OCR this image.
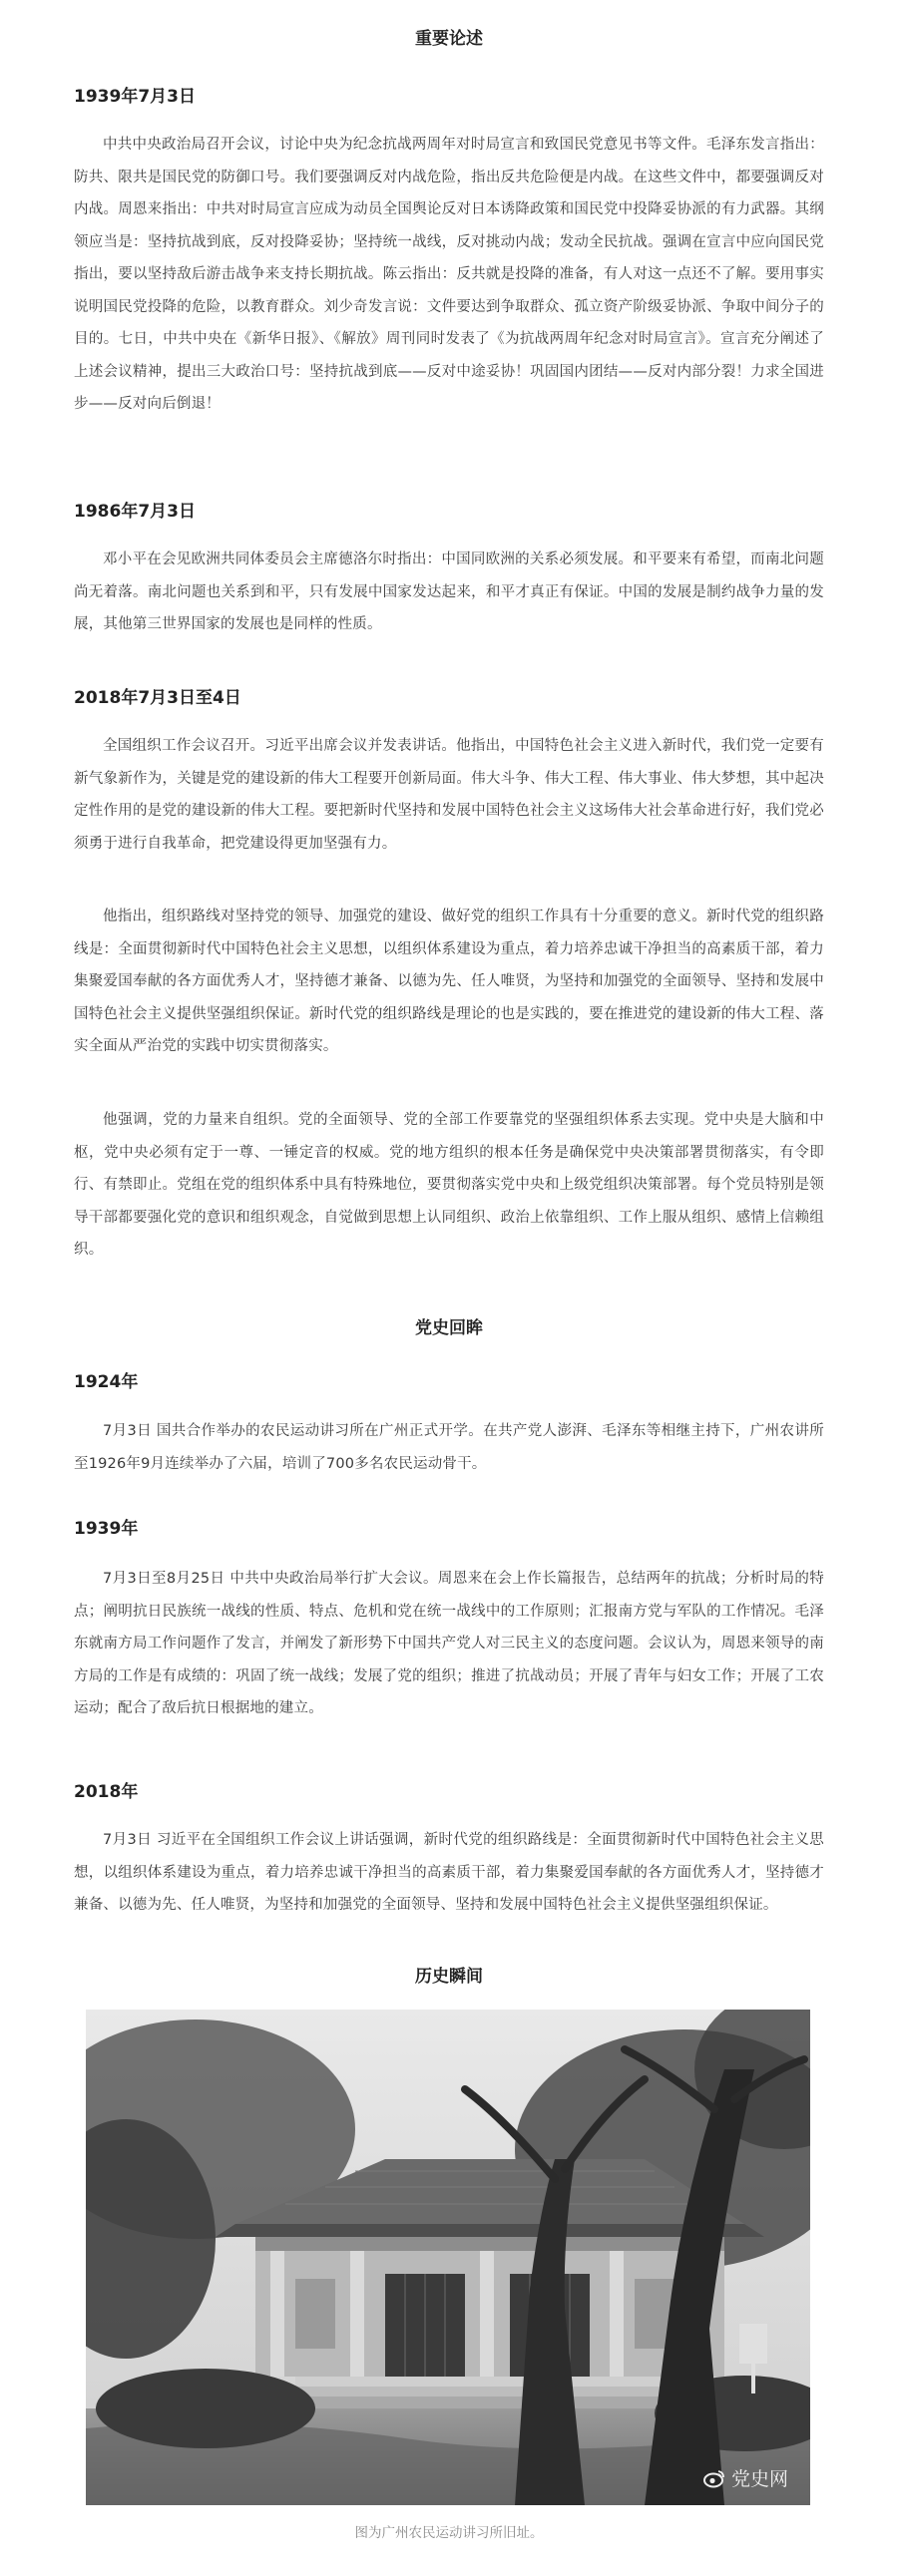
重要论述
1939年7月3日

中共中央政治局召开会议，讨论中央为纪念抗战两周年对时局宣言和致国民党意见书等文件。毛泽东发言指出：防共、限共是国民党的防御口号。我们要强调反对内战危险，指出反共危险便是内战。在这些文件中，都要强调反对内战。周恩来指出：中共对时局宣言应成为动员全国舆论反对日本诱降政策和国民党中投降妥协派的有力武器。其纲领应当是：坚持抗战到底，反对投降妥协；坚持统一战线，反对挑动内战；发动全民抗战。强调在宣言中应向国民党指出，要以坚持敌后游击战争来支持长期抗战。陈云指出：反共就是投降的准备，有人对这一点还不了解。要用事实说明国民党投降的危险，以教育群众。刘少奇发言说：文件要达到争取群众、孤立资产阶级妥协派、争取中间分子的目的。七日，中共中央在《新华日报》、《解放》周刊同时发表了《为抗战两周年纪念对时局宣言》。宣言充分阐述了上述会议精神，提出三大政治口号：坚持抗战到底——反对中途妥协！巩固国内团结——反对内部分裂！力求全国进步——反对向后倒退！

1986年7月3日

邓小平在会见欧洲共同体委员会主席德洛尔时指出：中国同欧洲的关系必须发展。和平要来有希望，而南北问题尚无着落。南北问题也关系到和平，只有发展中国家发达起来，和平才真正有保证。中国的发展是制约战争力量的发展，其他第三世界国家的发展也是同样的性质。

2018年7月3日至4日

全国组织工作会议召开。习近平出席会议并发表讲话。他指出，中国特色社会主义进入新时代，我们党一定要有新气象新作为，关键是党的建设新的伟大工程要开创新局面。伟大斗争、伟大工程、伟大事业、伟大梦想，其中起决定性作用的是党的建设新的伟大工程。要把新时代坚持和发展中国特色社会主义这场伟大社会革命进行好，我们党必须勇于进行自我革命，把党建设得更加坚强有力。

他指出，组织路线对坚持党的领导、加强党的建设、做好党的组织工作具有十分重要的意义。新时代党的组织路线是：全面贯彻新时代中国特色社会主义思想，以组织体系建设为重点，着力培养忠诚干净担当的高素质干部，着力集聚爱国奉献的各方面优秀人才，坚持德才兼备、以德为先、任人唯贤，为坚持和加强党的全面领导、坚持和发展中国特色社会主义提供坚强组织保证。新时代党的组织路线是理论的也是实践的，要在推进党的建设新的伟大工程、落实全面从严治党的实践中切实贯彻落实。

他强调，党的力量来自组织。党的全面领导、党的全部工作要靠党的坚强组织体系去实现。党中央是大脑和中枢，党中央必须有定于一尊、一锤定音的权威。党的地方组织的根本任务是确保党中央决策部署贯彻落实，有令即行、有禁即止。党组在党的组织体系中具有特殊地位，要贯彻落实党中央和上级党组织决策部署。每个党员特别是领导干部都要强化党的意识和组织观念，自觉做到思想上认同组织、政治上依靠组织、工作上服从组织、感情上信赖组织。

党史回眸
1924年

7月3日 国共合作举办的农民运动讲习所在广州正式开学。在共产党人澎湃、毛泽东等相继主持下，广州农讲所至1926年9月连续举办了六届，培训了700多名农民运动骨干。

1939年

7月3日至8月25日 中共中央政治局举行扩大会议。周恩来在会上作长篇报告，总结两年的抗战；分析时局的特点；阐明抗日民族统一战线的性质、特点、危机和党在统一战线中的工作原则；汇报南方党与军队的工作情况。毛泽东就南方局工作问题作了发言，并阐发了新形势下中国共产党人对三民主义的态度问题。会议认为，周恩来领导的南方局的工作是有成绩的：巩固了统一战线；发展了党的组织；推进了抗战动员；开展了青年与妇女工作；开展了工农运动；配合了敌后抗日根据地的建立。

2018年

7月3日 习近平在全国组织工作会议上讲话强调，新时代党的组织路线是：全面贯彻新时代中国特色社会主义思想，以组织体系建设为重点，着力培养忠诚干净担当的高素质干部，着力集聚爱国奉献的各方面优秀人才，坚持德才兼备、以德为先、任人唯贤，为坚持和加强党的全面领导、坚持和发展中国特色社会主义提供坚强组织保证。

历史瞬间
党史网
图为广州农民运动讲习所旧址。
